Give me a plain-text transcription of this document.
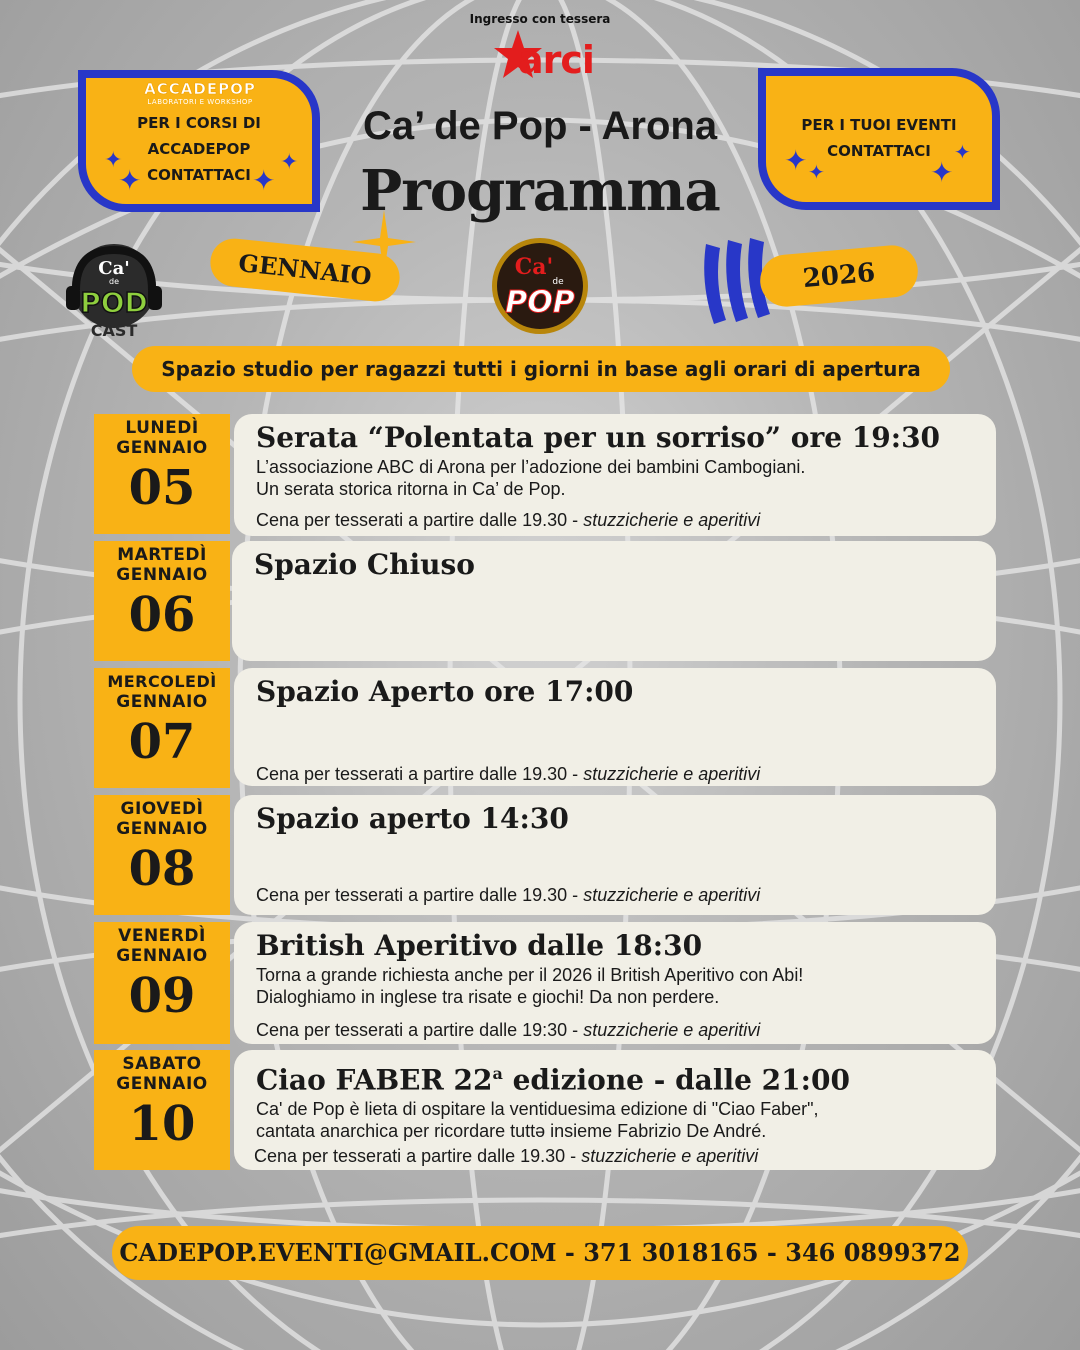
Ingresso con tessera
arci
Ca’ de Pop - Arona
Programma
PER I CORSI DI
ACCADEPOP
CONTATTACI
ACCADEPOP
LABORATORI E WORKSHOP
✦
✦	✦
✦
PER I TUOI EVENTI
CONTATTACI
✦ ✦	✦
✦
Ca'
de
POD
CAST
GENNAIO	Ca'
de
POP
2026
Spazio studio per ragazzi tutti i giorni in base agli orari di apertura
LUNEDÌ
GENNAIO
05
Serata “Polentata per un sorriso” ore 19:30
L’associazione ABC di Arona per l’adozione dei bambini Cambogiani.
Un serata storica ritorna in Ca’ de Pop.
Cena per tesserati a partire dalle 19.30 - stuzzicherie e aperitivi
MARTEDÌ
GENNAIO
06
Spazio Chiuso
MERCOLEDÌ
GENNAIO
07
Spazio Aperto ore 17:00
Cena per tesserati a partire dalle 19.30 - stuzzicherie e aperitivi
GIOVEDÌ
GENNAIO
08
Spazio aperto 14:30
Cena per tesserati a partire dalle 19.30 - stuzzicherie e aperitivi
VENERDÌ
GENNAIO
09
British Aperitivo dalle 18:30
Torna a grande richiesta anche per il 2026 il British Aperitivo con Abi!
Dialoghiamo in inglese tra risate e giochi! Da non perdere.
Cena per tesserati a partire dalle 19:30 - stuzzicherie e aperitivi
SABATO
GENNAIO
10
Ciao FABER 22$^a$ edizione - dalle 21:00
Ca' de Pop è lieta di ospitare la ventiduesima edizione di "Ciao Faber",
cantata anarchica per ricordare tuttə insieme Fabrizio De André.
Cena per tesserati a partire dalle 19.30 - stuzzicherie e aperitivi
CADEPOP.EVENTI@GMAIL.COM - 371 3018165 - 346 0899372
